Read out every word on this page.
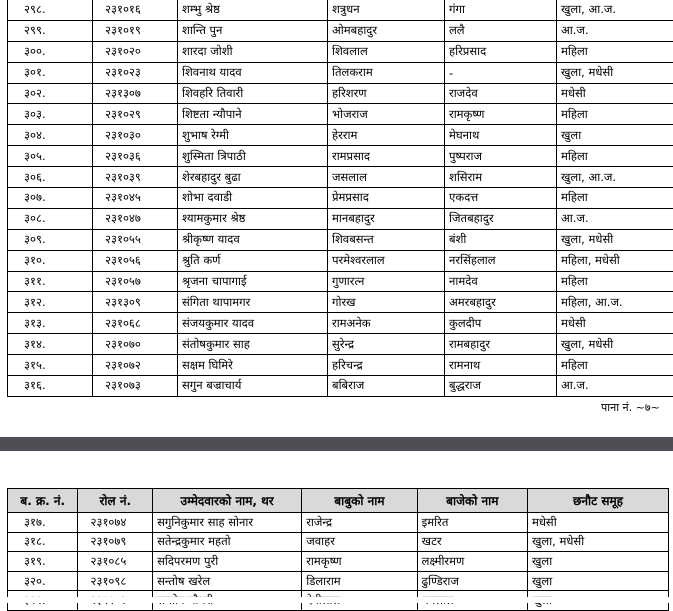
२९८.	२३१०१६	शम्भु श्रेष्ठ	शत्रुधन	गंगा	खुला, आ.ज.
२९९.	२३१०१९	शान्ति पुन	ओमबहादुर	ललै	आ.ज.
३००.	२३१०२०	शारदा जोशी	शिवलाल	हरिप्रसाद	महिला
३०१.	२३१०२३	शिवनाथ यादव	तिलकराम	-	खुला, मधेसी
३०२.	२३१३०७	शिवहरि तिवारी	हरिशरण	राजदेव	मधेसी
३०३.	२३१०२९	शिष्टता न्यौपाने	भोजराज	रामकृष्ण	महिला
३०४.	२३१०३०	शुभाष रेग्मी	हेरराम	मेघनाथ	खुला
३०५.	२३१०३६	शुस्मिता त्रिपाठी	रामप्रसाद	पुष्पराज	महिला
३०६.	२३१०३९	शेरबहादुर बुढा	जसलाल	शसिराम	खुला, आ.ज.
३०७.	२३१०४५	शोभा दवाडी	प्रेमप्रसाद	एकदत्त	महिला
३०८.	२३१०४७	श्यामकुमार श्रेष्ठ	मानबहादुर	जितबहादुर	आ.ज.
३०९.	२३१०५५	श्रीकृष्ण यादव	शिवबसन्त	बंशी	खुला, मधेसी
३१०.	२३१०५६	श्रुति कर्ण	परमेश्वरलाल	नरसिंहलाल	महिला, मधेसी
३११.	२३१०५७	श्रृजना चापागाई	गुणारत्न	नामदेव	महिला
३१२.	२३१३०९	संगिता थापामगर	गोरख	अमरबहादुर	महिला, आ.ज.
३१३.	२३१०६८	संजयकुमार यादव	रामअनेक	कुलदीप	मधेसी
३१४.	२३१०७०	संतोषकुमार साह	सुरेन्द्र	रामबहादुर	खुला, मधेसी
३१५.	२३१०७२	सक्षम घिमिरे	हरिचन्द्र	रामनाथ	महिला
३१६.	२३१०७३	सगुन बज्राचार्य	बबिराज	बुद्धराज	आ.ज.
पाना नं. ~७~
ब. क्र. नं.	रोल नं.	उम्मेदवारको नाम, थर	बाबुको नाम	बाजेको नाम	छनौट समूह
३१७.	२३१०७४	सगुनिकुमार साह सोनार	राजेन्द्र	इमरित	मधेसी
३१८.	२३१०७९	सतेन्द्रकुमार महतो	जवाहर	खटर	खुला, मधेसी
३१९.	२३१०८५	सदिपरमण पुरी	रामकृष्ण	लक्ष्मीरमण	खुला
३२०.	२३१०९८	सन्तोष खरेल	डिलाराम	ढुण्डिराज	खुला
